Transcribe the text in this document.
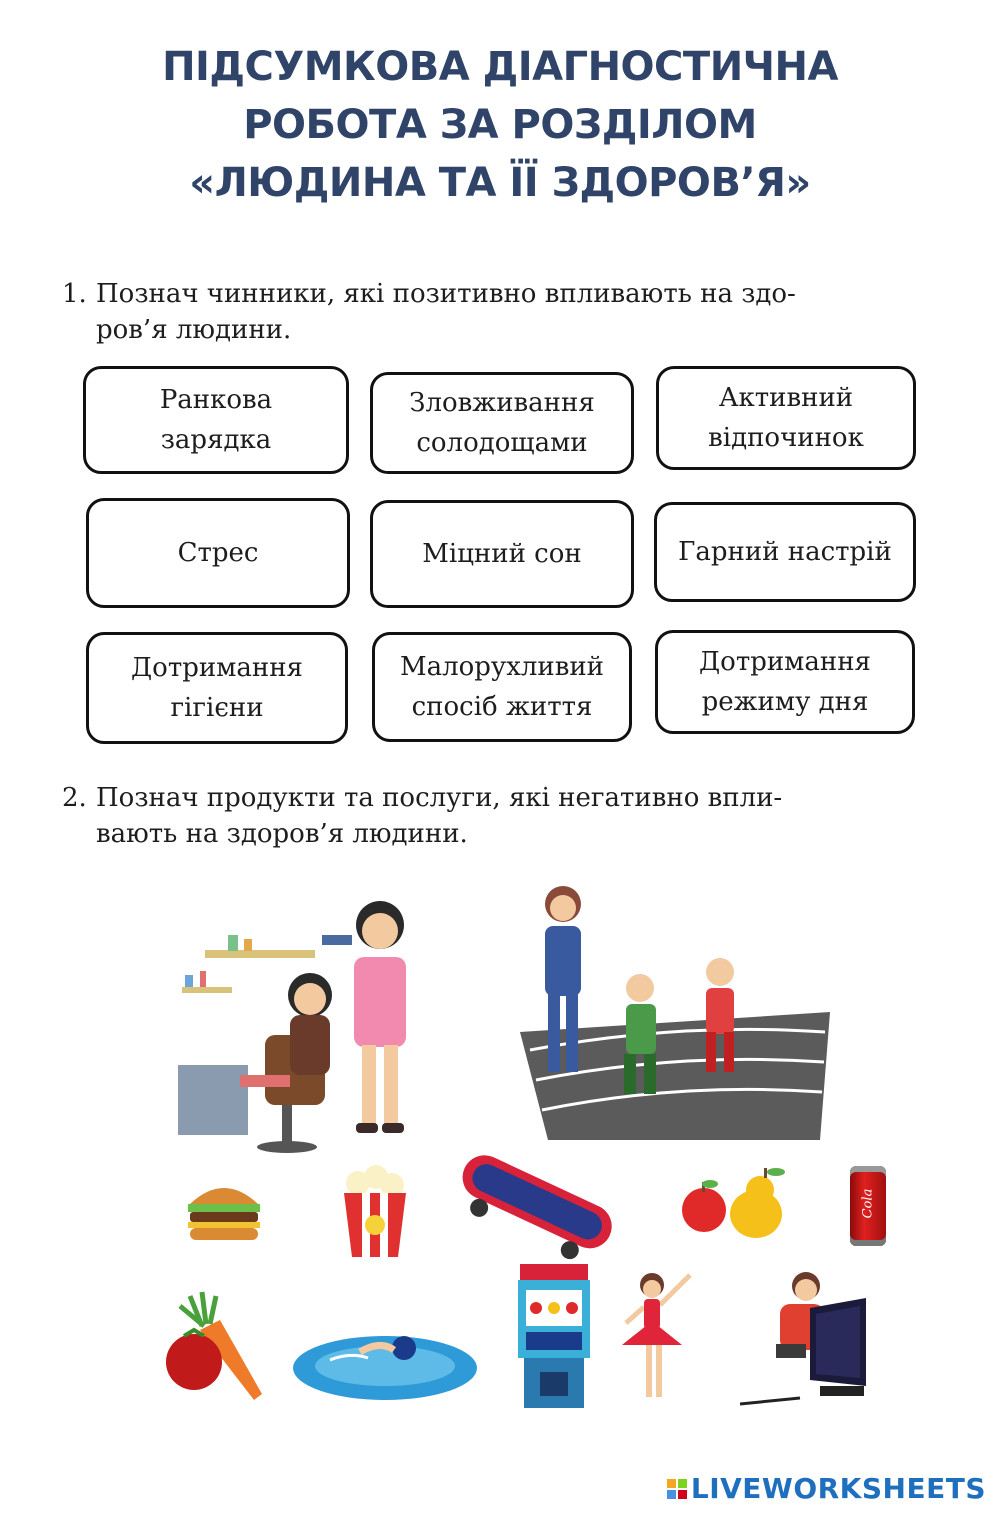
ПІДСУМКОВА ДІАГНОСТИЧНА
РОБОТА ЗА РОЗДІЛОМ
«ЛЮДИНА ТА ЇЇ ЗДОРОВ’Я»
1. Познач чинники, які позитивно впливають на здо-
ров’я людини.
Ранкова
зарядка
Зловживання
солодощами
Активний
відпочинок
Стрес	Міцний сон	Гарний настрій
Дотримання
гігієни
Малорухливий
спосіб життя
Дотримання
режиму дня
2. Познач продукти та послуги, які негативно впли-
вають на здоров’я людини.
Cola
LIVEWORKSHEETS
